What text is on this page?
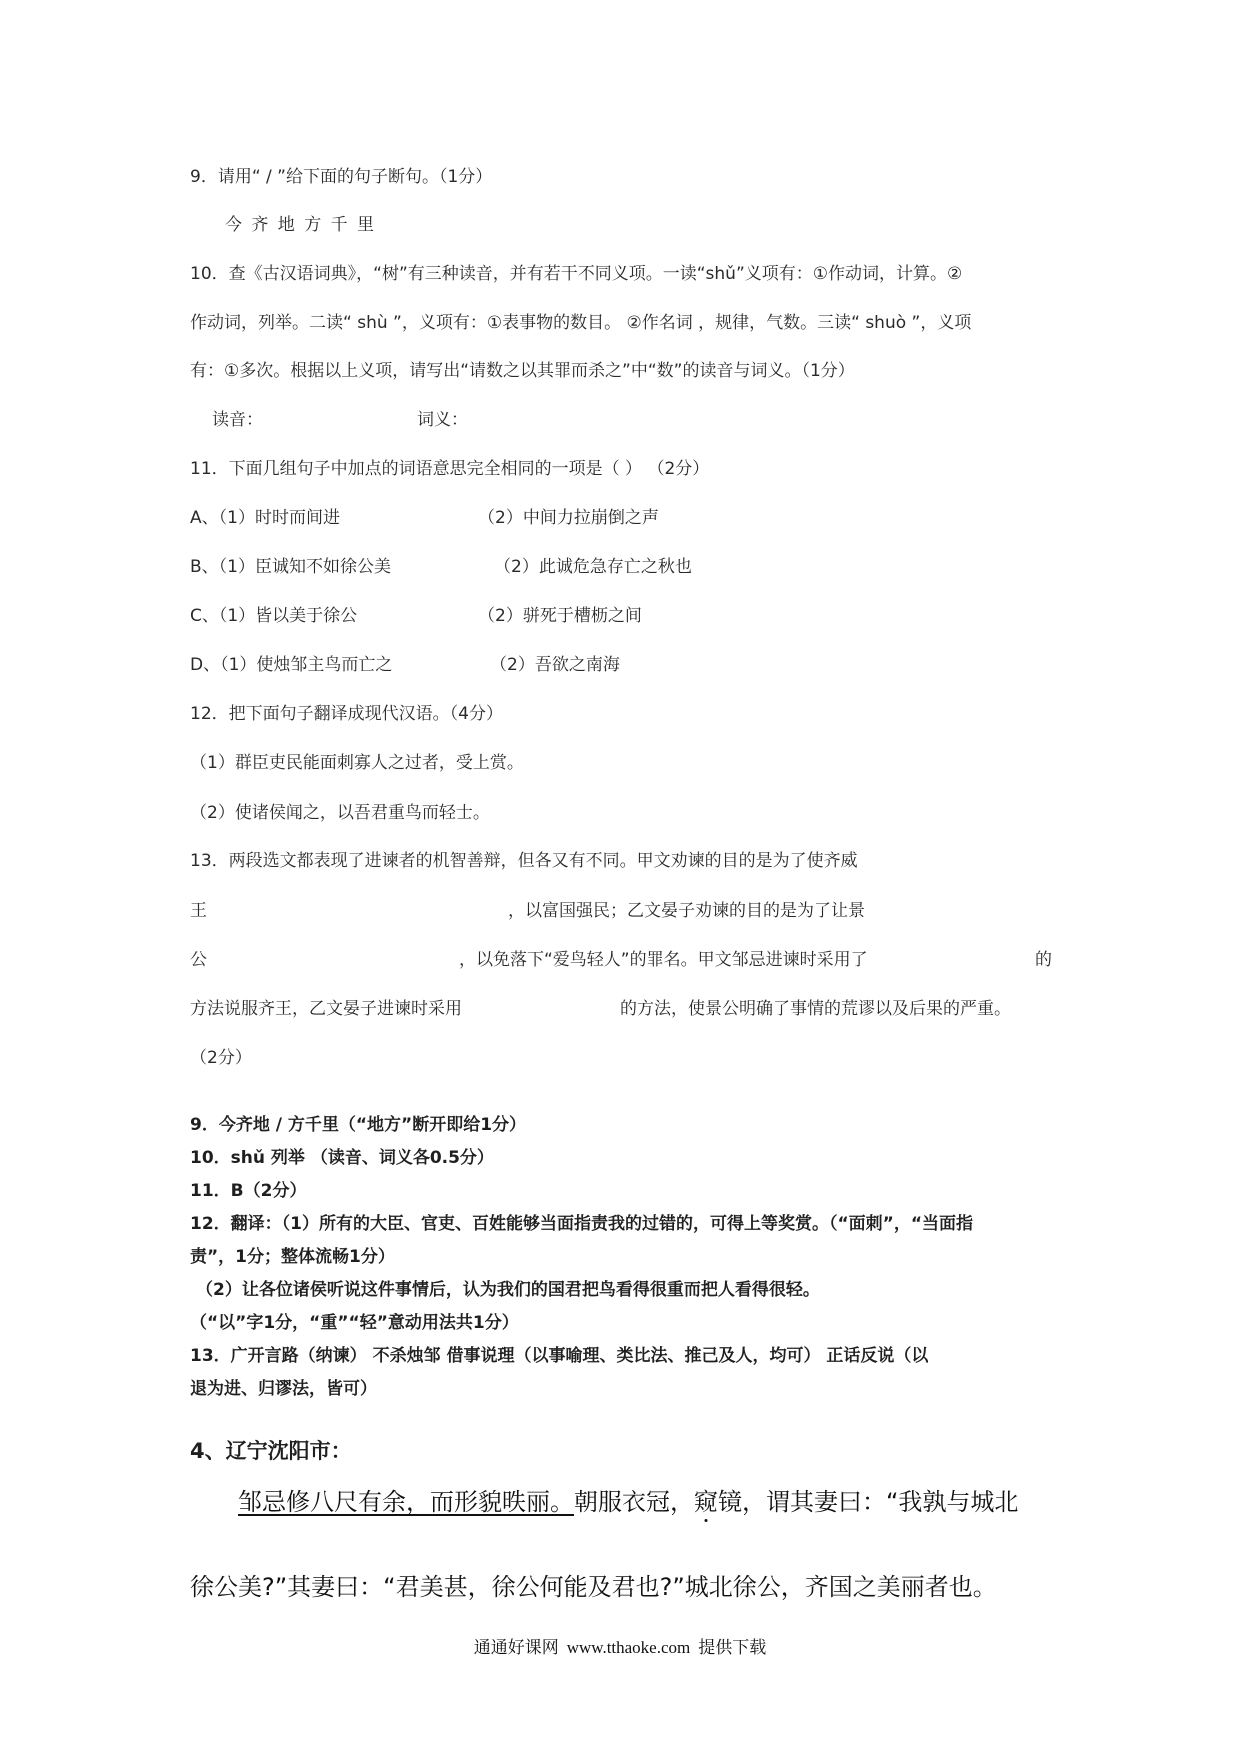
9．请用“ / ”给下面的句子断句。（1分）
今 齐 地 方 千 里
10．查《古汉语词典》，“树”有三种读音，并有若干不同义项。一读“shǔ”义项有：①作动词，计算。②
作动词，列举。二读“ shù ”，义项有：①表事物的数目。 ②作名词 ，规律，气数。三读“ shuò ”，义项
有：①多次。根据以上义项，请写出“请数之以其罪而杀之”中“数”的读音与词义。（1分）
读音：	词义：
11．下面几组句子中加点的词语意思完全相同的一项是（ ） （2分）
A、（1）时时而间进	（2）中间力拉崩倒之声
B、（1）臣诚知不如徐公美	（2）此诚危急存亡之秋也
C、（1）皆以美于徐公	（2）骈死于槽枥之间
D、（1）使烛邹主鸟而亡之	（2）吾欲之南海
12．把下面句子翻译成现代汉语。（4分）
（1）群臣吏民能面刺寡人之过者，受上赏。
（2）使诸侯闻之，以吾君重鸟而轻士。
13．两段选文都表现了进谏者的机智善辩，但各又有不同。甲文劝谏的目的是为了使齐威
王	，以富国强民；乙文晏子劝谏的目的是为了让景
公	，以免落下“爱鸟轻人”的罪名。甲文邹忌进谏时采用了	的
方法说服齐王，乙文晏子进谏时采用	的方法，使景公明确了事情的荒谬以及后果的严重。
（2分）
9．今齐地 / 方千里（“地方”断开即给1分）
10．shǔ 列举 （读音、词义各0.5分）
11．B（2分）
12．翻译：（1）所有的大臣、官吏、百姓能够当面指责我的过错的，可得上等奖赏。（“面刺”，“当面指
责”，1分；整体流畅1分）
（2）让各位诸侯听说这件事情后，认为我们的国君把鸟看得很重而把人看得很轻。
（“以”字1分，“重”“轻”意动用法共1分）
13．广开言路（纳谏） 不杀烛邹 借事说理（以事喻理、类比法、推己及人，均可） 正话反说（以
退为进、归谬法，皆可）
4、辽宁沈阳市：
邹忌修八尺有余，而形貌昳丽。朝服衣冠，窥镜，谓其妻曰：“我孰与城北
徐公美?”其妻曰：“君美甚，徐公何能及君也?”城北徐公，齐国之美丽者也。
通通好课网 www.tthaoke.com 提供下载
